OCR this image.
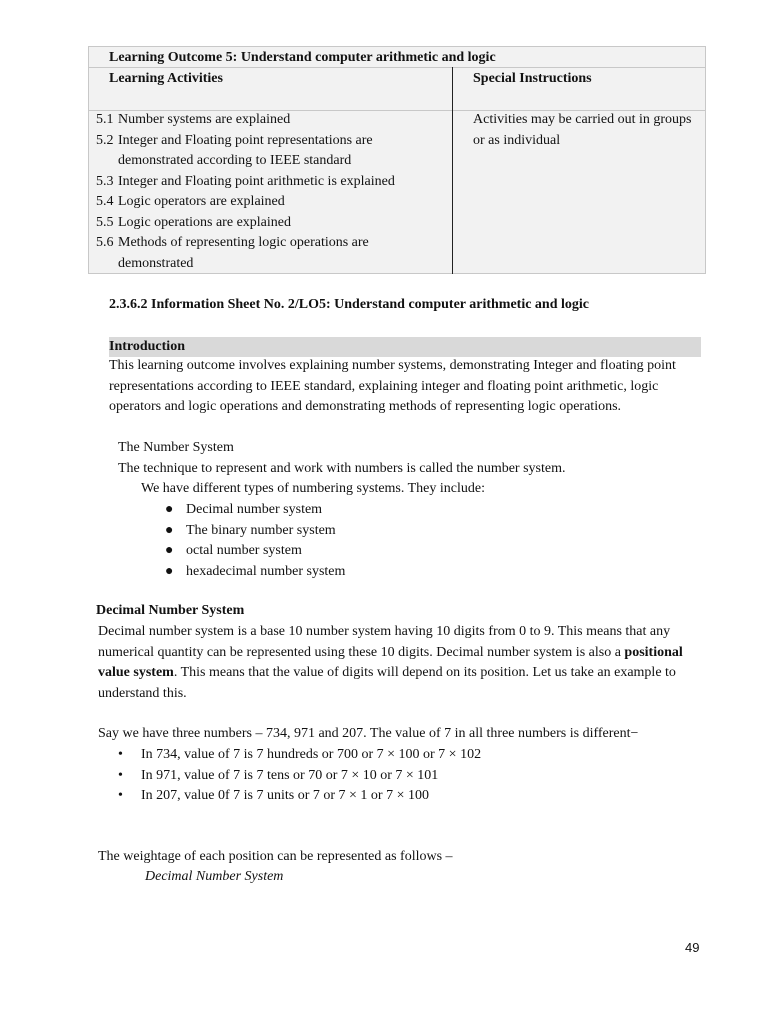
Learning Outcome 5: Understand computer arithmetic and logic
Learning Activities	Special Instructions
5.1 Number systems are explained
5.2 Integer and Floating point representations are demonstrated according to IEEE standard
5.3 Integer and Floating point arithmetic is explained
5.4 Logic operators are explained
5.5 Logic operations are explained
5.6 Methods of representing logic operations are demonstrated
Activities may be carried out in groups or as individual
2.3.6.2 Information Sheet No. 2/LO5: Understand computer arithmetic and logic
Introduction
This learning outcome involves explaining number systems, demonstrating Integer and floating point representations according to IEEE standard, explaining integer and floating point arithmetic, logic operators and logic operations and demonstrating methods of representing logic operations.
The Number System
The technique to represent and work with numbers is called the number system.
We have different types of numbering systems. They include:
● Decimal number system
● The binary number system
● octal number system
● hexadecimal number system
Decimal Number System
Decimal number system is a base 10 number system having 10 digits from 0 to 9. This means that any numerical quantity can be represented using these 10 digits. Decimal number system is also a positional value system. This means that the value of digits will depend on its position. Let us take an example to understand this.
Say we have three numbers – 734, 971 and 207. The value of 7 in all three numbers is different−
• In 734, value of 7 is 7 hundreds or 700 or 7 × 100 or 7 × 102
• In 971, value of 7 is 7 tens or 70 or 7 × 10 or 7 × 101
• In 207, value 0f 7 is 7 units or 7 or 7 × 1 or 7 × 100
The weightage of each position can be represented as follows –
Decimal Number System
49
